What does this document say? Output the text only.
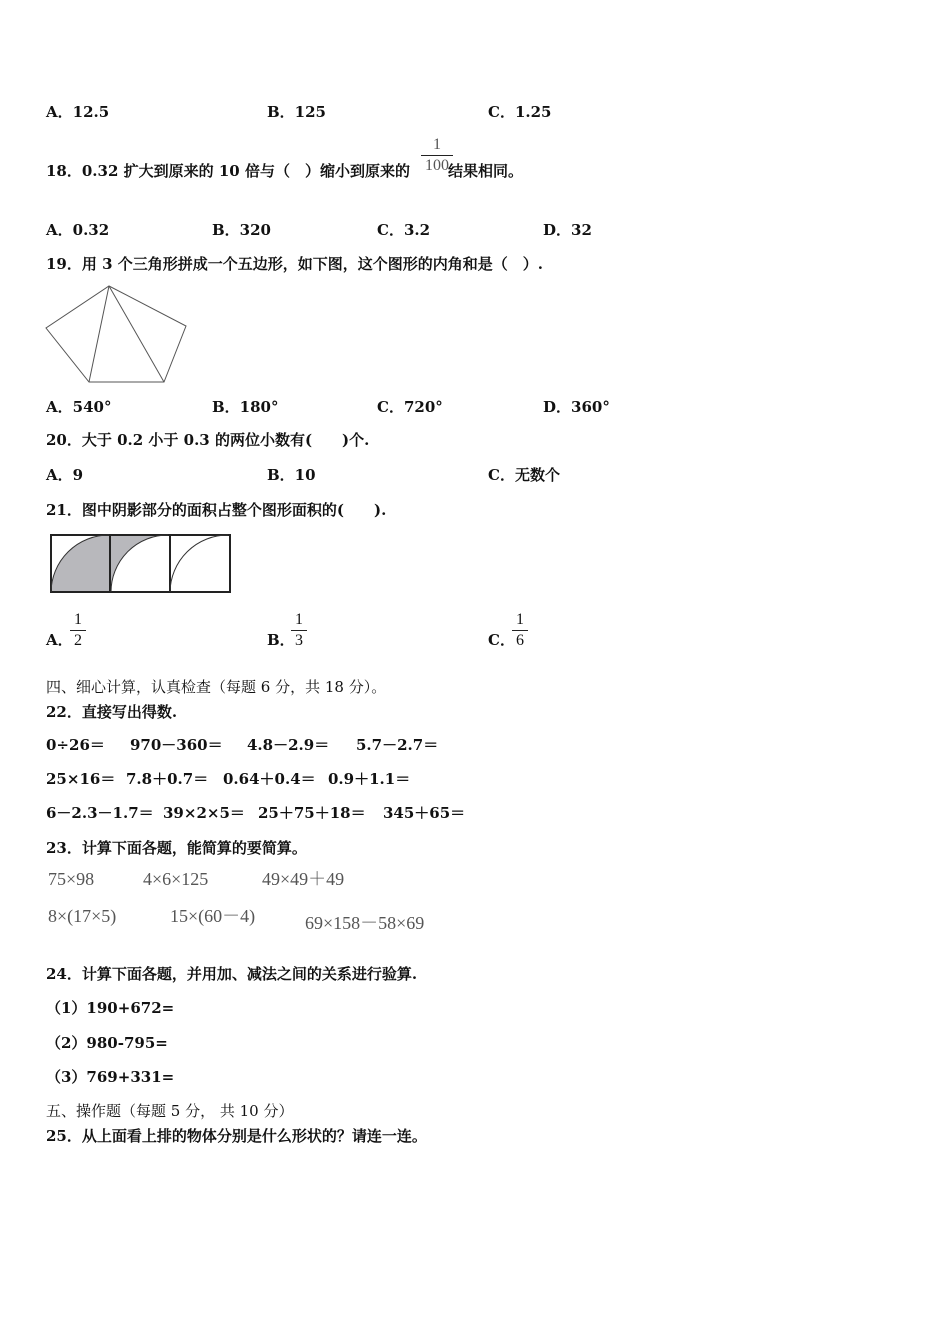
A．12.5	B．125	C．1.25
18．0.32 扩大到原来的 10 倍与（　）缩小到原来的	结果相同。
1
100
A．0.32	B．320	C．3.2	D．32
19．用 3 个三角形拼成一个五边形，如下图，这个图形的内角和是（　）.
A．540°	B．180°	C．720°	D．360°
20．大于 0.2 小于 0.3 的两位小数有(　　)个.
A．9	B．10	C．无数个
21．图中阴影部分的面积占整个图形面积的(　　).
A．
1
2	B．
1
3	C．
1
6
四、细心计算，认真检查（每题 6 分，共 18 分）。
22．直接写出得数.
0÷26＝ 970－360＝ 4.8－2.9＝ 5.7－2.7＝
25×16＝ 7.8＋0.7＝ 0.64＋0.4＝ 0.9＋1.1＝
6－2.3－1.7＝ 39×2×5＝ 25＋75＋18＝ 345＋65＝
23．计算下面各题，能简算的要简算。
75×98	4×6×125	49×49＋49
8×(17×5)	15×(60－4)	69×158－58×69
24．计算下面各题，并用加、减法之间的关系进行验算.
（1）190+672=
（2）980-795=
（3）769+331=
五、操作题（每题 5 分， 共 10 分）
25．从上面看上排的物体分别是什么形状的？请连一连。
